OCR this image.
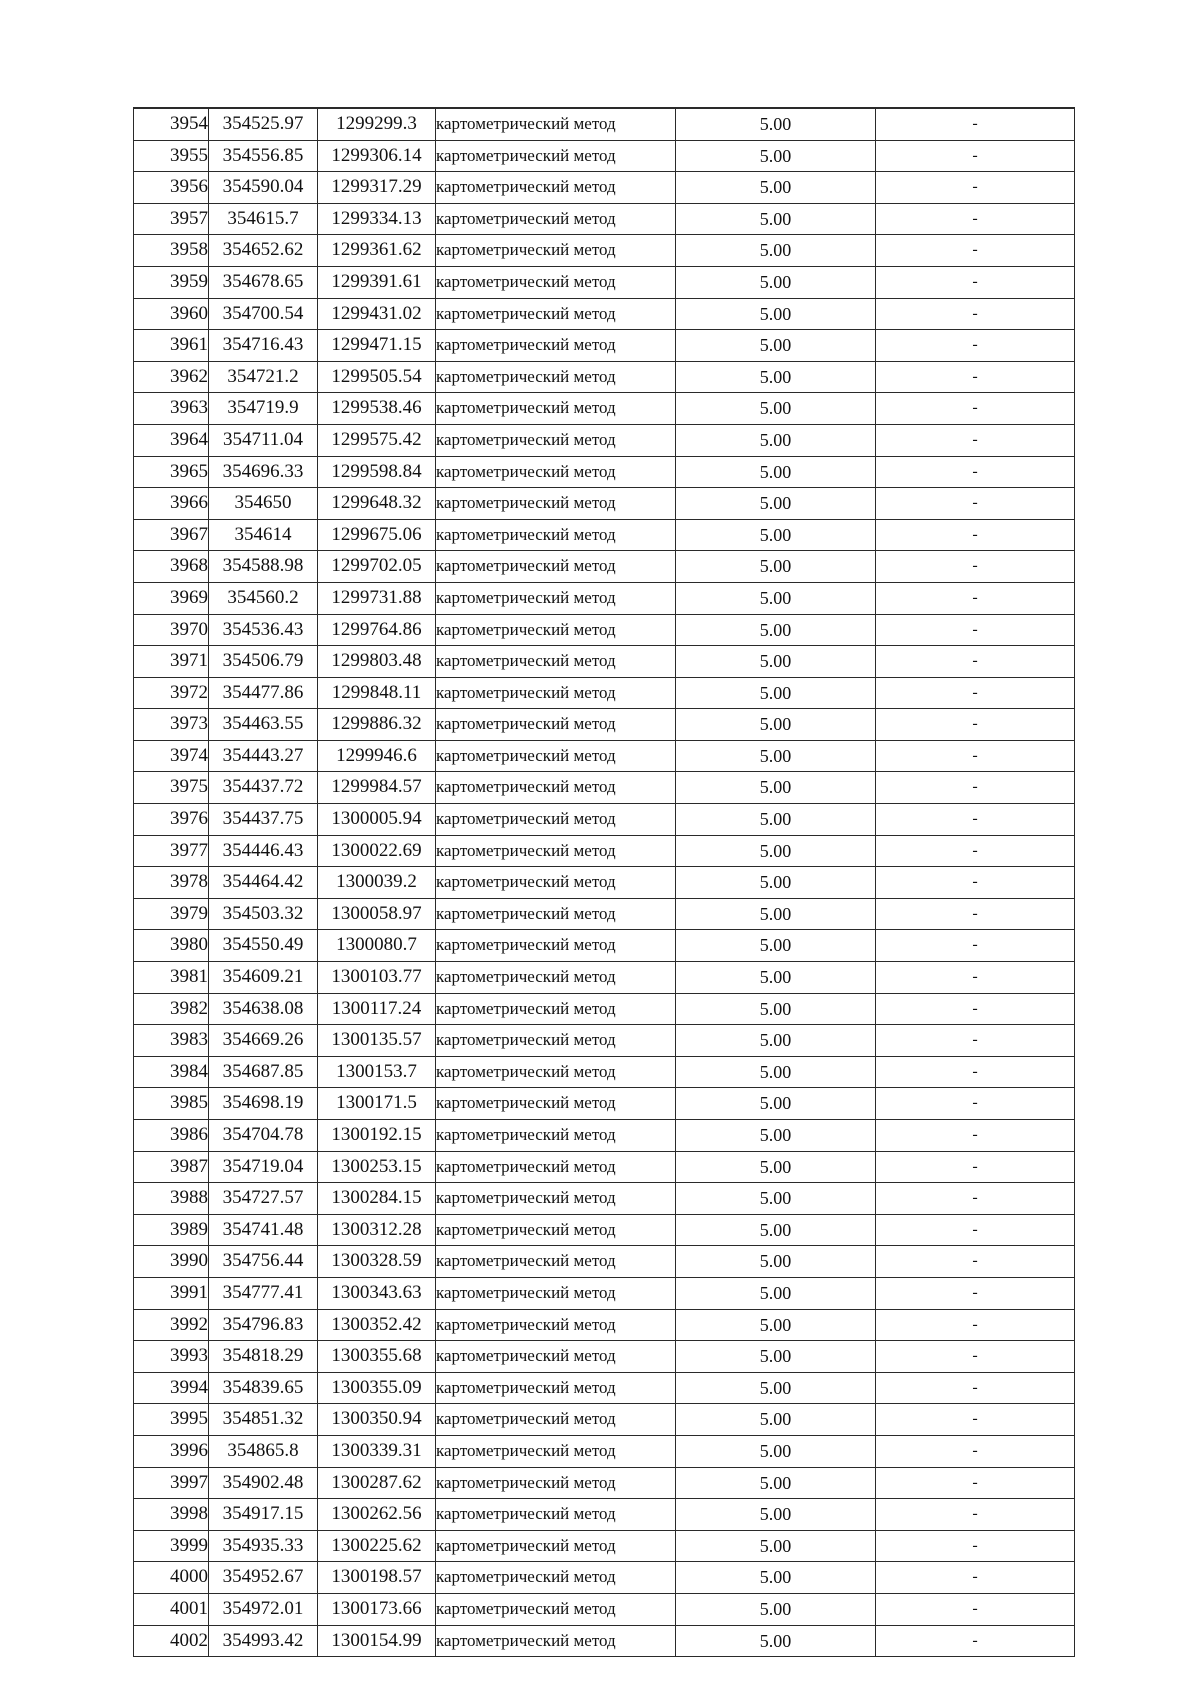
3954	354525.97	1299299.3	картометрический метод	5.00	-
3955	354556.85	1299306.14	картометрический метод	5.00	-
3956	354590.04	1299317.29	картометрический метод	5.00	-
3957	354615.7	1299334.13	картометрический метод	5.00	-
3958	354652.62	1299361.62	картометрический метод	5.00	-
3959	354678.65	1299391.61	картометрический метод	5.00	-
3960	354700.54	1299431.02	картометрический метод	5.00	-
3961	354716.43	1299471.15	картометрический метод	5.00	-
3962	354721.2	1299505.54	картометрический метод	5.00	-
3963	354719.9	1299538.46	картометрический метод	5.00	-
3964	354711.04	1299575.42	картометрический метод	5.00	-
3965	354696.33	1299598.84	картометрический метод	5.00	-
3966	354650	1299648.32	картометрический метод	5.00	-
3967	354614	1299675.06	картометрический метод	5.00	-
3968	354588.98	1299702.05	картометрический метод	5.00	-
3969	354560.2	1299731.88	картометрический метод	5.00	-
3970	354536.43	1299764.86	картометрический метод	5.00	-
3971	354506.79	1299803.48	картометрический метод	5.00	-
3972	354477.86	1299848.11	картометрический метод	5.00	-
3973	354463.55	1299886.32	картометрический метод	5.00	-
3974	354443.27	1299946.6	картометрический метод	5.00	-
3975	354437.72	1299984.57	картометрический метод	5.00	-
3976	354437.75	1300005.94	картометрический метод	5.00	-
3977	354446.43	1300022.69	картометрический метод	5.00	-
3978	354464.42	1300039.2	картометрический метод	5.00	-
3979	354503.32	1300058.97	картометрический метод	5.00	-
3980	354550.49	1300080.7	картометрический метод	5.00	-
3981	354609.21	1300103.77	картометрический метод	5.00	-
3982	354638.08	1300117.24	картометрический метод	5.00	-
3983	354669.26	1300135.57	картометрический метод	5.00	-
3984	354687.85	1300153.7	картометрический метод	5.00	-
3985	354698.19	1300171.5	картометрический метод	5.00	-
3986	354704.78	1300192.15	картометрический метод	5.00	-
3987	354719.04	1300253.15	картометрический метод	5.00	-
3988	354727.57	1300284.15	картометрический метод	5.00	-
3989	354741.48	1300312.28	картометрический метод	5.00	-
3990	354756.44	1300328.59	картометрический метод	5.00	-
3991	354777.41	1300343.63	картометрический метод	5.00	-
3992	354796.83	1300352.42	картометрический метод	5.00	-
3993	354818.29	1300355.68	картометрический метод	5.00	-
3994	354839.65	1300355.09	картометрический метод	5.00	-
3995	354851.32	1300350.94	картометрический метод	5.00	-
3996	354865.8	1300339.31	картометрический метод	5.00	-
3997	354902.48	1300287.62	картометрический метод	5.00	-
3998	354917.15	1300262.56	картометрический метод	5.00	-
3999	354935.33	1300225.62	картометрический метод	5.00	-
4000	354952.67	1300198.57	картометрический метод	5.00	-
4001	354972.01	1300173.66	картометрический метод	5.00	-
4002	354993.42	1300154.99	картометрический метод	5.00	-
